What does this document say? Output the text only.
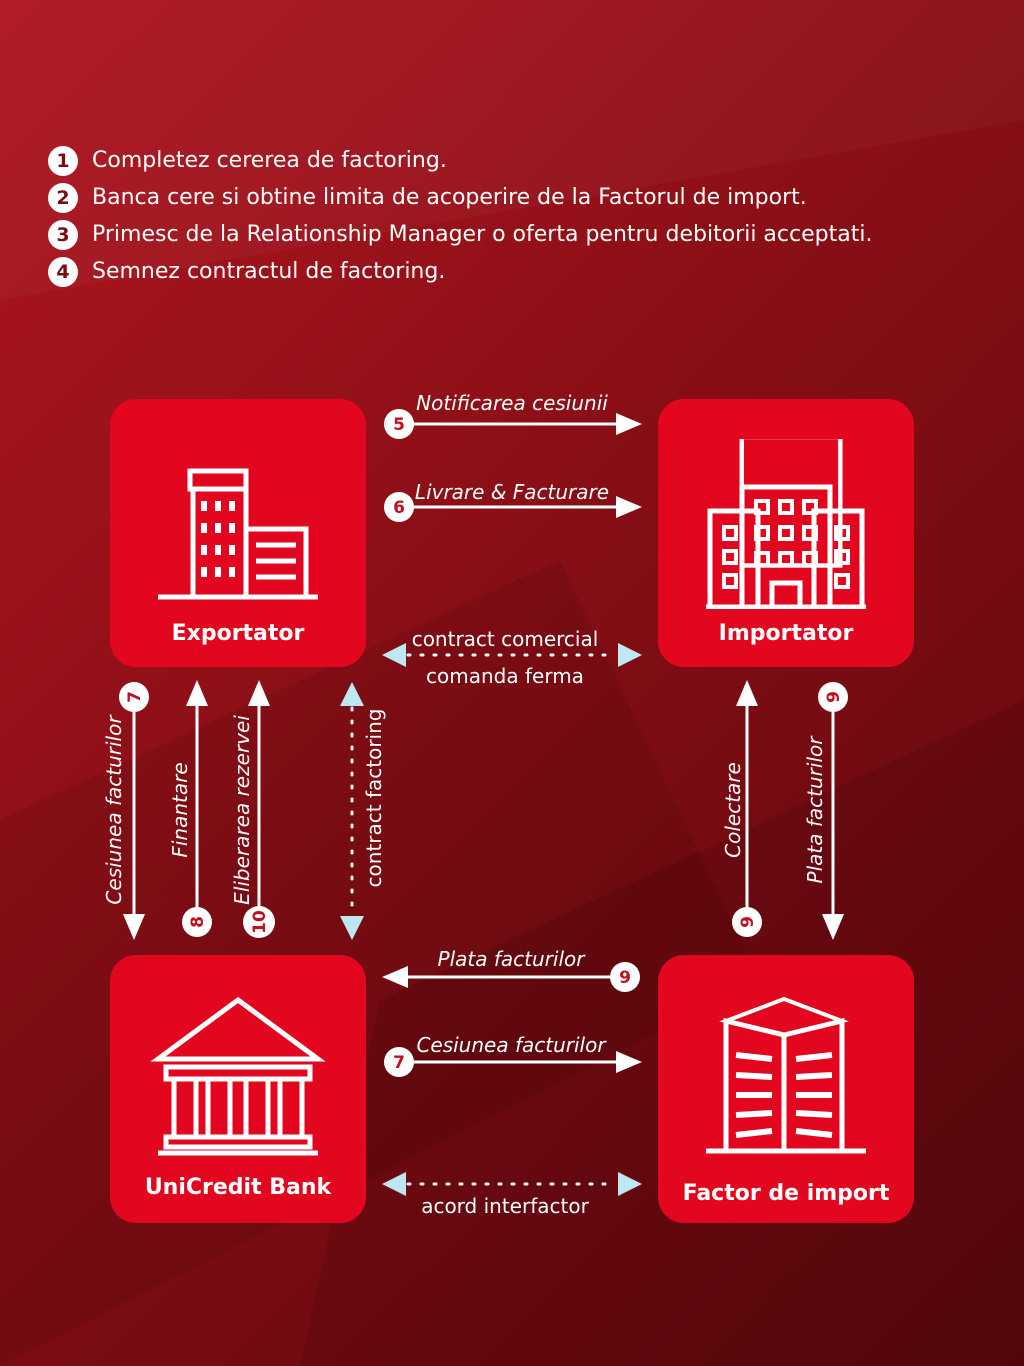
1	Completez cererea de factoring.
2	Banca cere si obtine limita de acoperire de la Factorul de import.
3	Primesc de la Relationship Manager o oferta pentru debitorii acceptati.
4	Semnez contractul de factoring.
Exportator	Importator
UniCredit Bank	Factor de import
5
Notificarea cesiunii
6
Livrare & Facturare
contract comercial
comanda ferma
7
Cesiunea facturilor
8
Finantare
10
Eliberarea rezervei	contract factoring
9
Colectare
9
Plata facturilor
9
Plata facturilor
7
Cesiunea facturilor
acord interfactor
